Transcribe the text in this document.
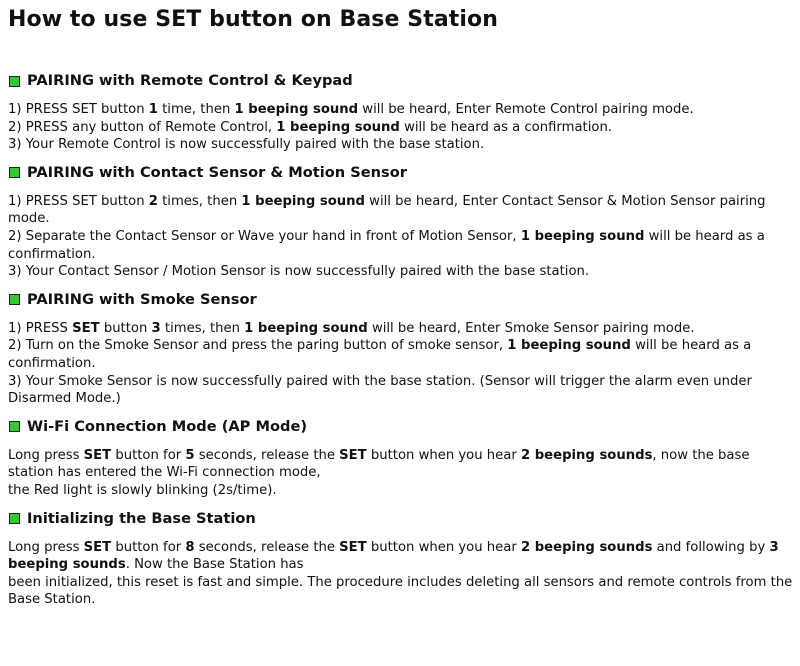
How to use SET button on Base Station
PAIRING with Remote Control & Keypad
1) PRESS SET button 1 time, then 1 beeping sound will be heard, Enter Remote Control pairing mode.
2) PRESS any button of Remote Control, 1 beeping sound will be heard as a confirmation.
3) Your Remote Control is now successfully paired with the base station.
PAIRING with Contact Sensor & Motion Sensor
1) PRESS SET button 2 times, then 1 beeping sound will be heard, Enter Contact Sensor & Motion Sensor pairing mode.
2) Separate the Contact Sensor or Wave your hand in front of Motion Sensor, 1 beeping sound will be heard as a confirmation.
3) Your Contact Sensor / Motion Sensor is now successfully paired with the base station.
PAIRING with Smoke Sensor
1) PRESS SET button 3 times, then 1 beeping sound will be heard, Enter Smoke Sensor pairing mode.
2) Turn on the Smoke Sensor and press the paring button of smoke sensor, 1 beeping sound will be heard as a confirmation.
3) Your Smoke Sensor is now successfully paired with the base station. (Sensor will trigger the alarm even under Disarmed Mode.)
Wi-Fi Connection Mode (AP Mode)
Long press SET button for 5 seconds, release the SET button when you hear 2 beeping sounds, now the base station has entered the Wi-Fi connection mode,
the Red light is slowly blinking (2s/time).
Initializing the Base Station
Long press SET button for 8 seconds, release the SET button when you hear 2 beeping sounds and following by 3 beeping sounds. Now the Base Station has
been initialized, this reset is fast and simple. The procedure includes deleting all sensors and remote controls from the Base Station.
